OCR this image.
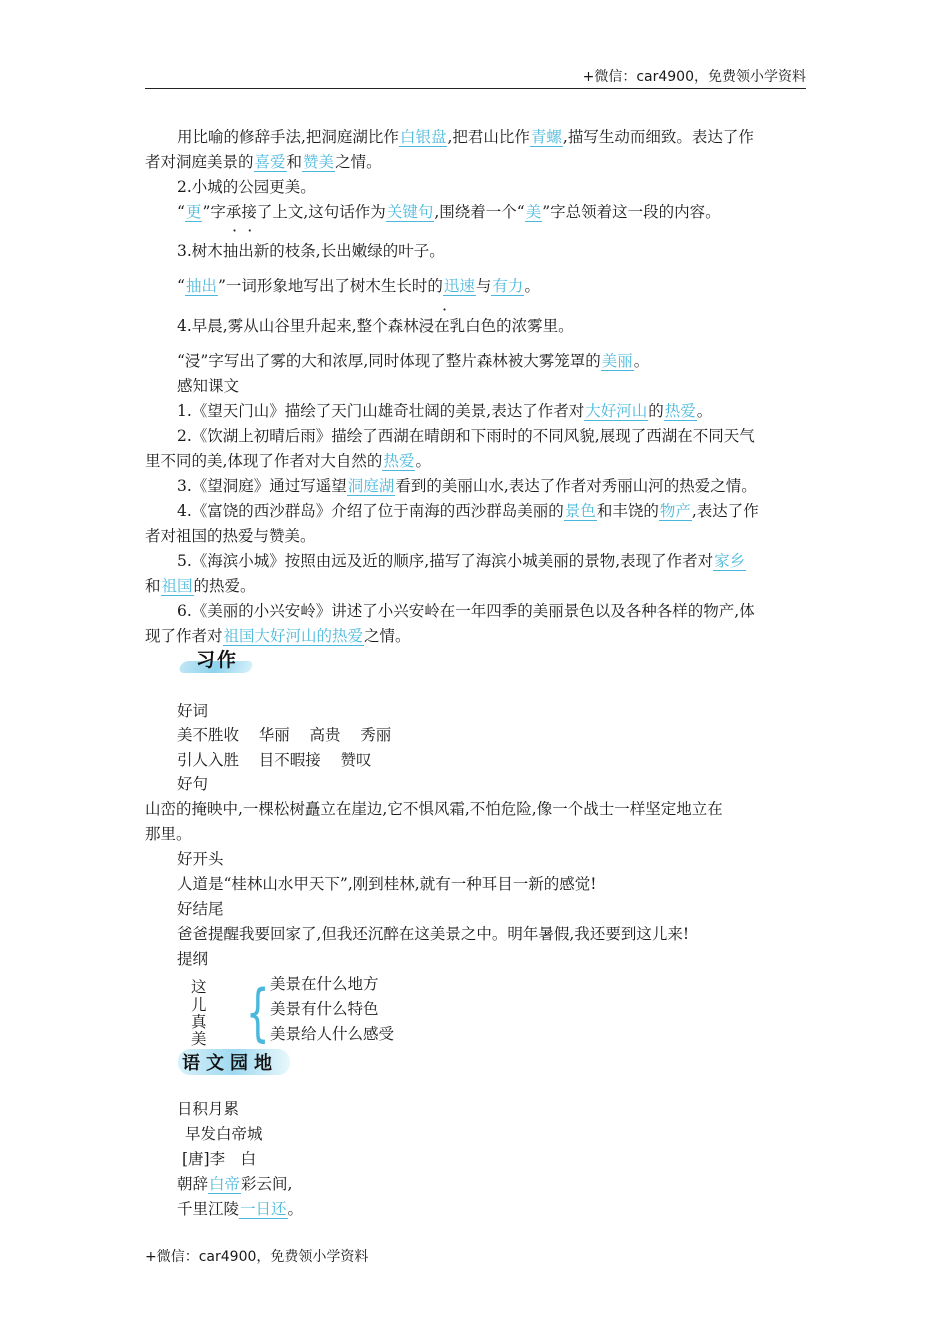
+微信：car4900，免费领小学资料
用比喻的修辞手法,把洞庭湖比作白银盘,把君山比作青螺,描写生动而细致。表达了作
者对洞庭美景的喜爱和赞美之情。
2.小城的公园更美。
“更”字承接了上文,这句话作为关键句,围绕着一个“美”字总领着这一段的内容。
·  ·
3.树木抽出新的枝条,长出嫩绿的叶子。
“抽出”一词形象地写出了树木生长时的迅速与有力。
·
4.早晨,雾从山谷里升起来,整个森林浸在乳白色的浓雾里。
“浸”字写出了雾的大和浓厚,同时体现了整片森林被大雾笼罩的美丽。
感知课文
1.《望天门山》描绘了天门山雄奇壮阔的美景,表达了作者对大好河山的热爱。
2.《饮湖上初晴后雨》描绘了西湖在晴朗和下雨时的不同风貌,展现了西湖在不同天气
里不同的美,体现了作者对大自然的热爱。
3.《望洞庭》通过写遥望洞庭湖看到的美丽山水,表达了作者对秀丽山河的热爱之情。
4.《富饶的西沙群岛》介绍了位于南海的西沙群岛美丽的景色和丰饶的物产,表达了作
者对祖国的热爱与赞美。
5.《海滨小城》按照由远及近的顺序,描写了海滨小城美丽的景物,表现了作者对家乡
和祖国的热爱。
6.《美丽的小兴安岭》讲述了小兴安岭在一年四季的美丽景色以及各种各样的物产,体
现了作者对祖国大好河山的热爱之情。
好词
美不胜收 华丽 高贵 秀丽
引人入胜 目不暇接 赞叹
好句
山峦的掩映中,一棵松树矗立在崖边,它不惧风霜,不怕危险,像一个战士一样坚定地立在
那里。
好开头
人道是“桂林山水甲天下”,刚到桂林,就有一种耳目一新的感觉!
好结尾
爸爸提醒我要回家了,但我还沉醉在这美景之中。明年暑假,我还要到这儿来!
提纲
日积月累
早发白帝城
[唐]李　白
朝辞白帝彩云间,
千里江陵一日还。
习作
语文园地
这
儿
真
美 { 美景在什么地方
美景有什么特色
美景给人什么感受
+微信：car4900，免费领小学资料
